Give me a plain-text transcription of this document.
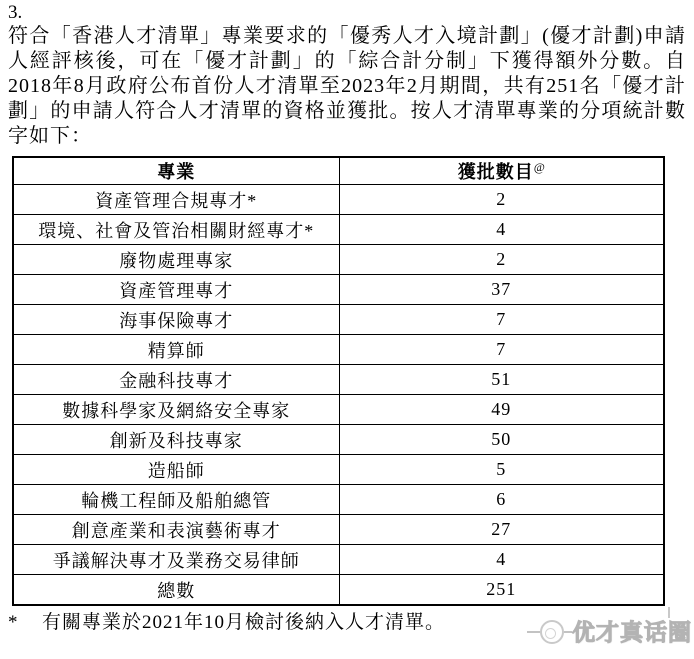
3.

符合「香港人才清單」專業要求的「優秀人才入境計劃」(優才計劃)申請人經評核後，可在「優才計劃」的「綜合計分制」下獲得額外分數。自2018年8月政府公布首份人才清單至2023年2月期間，共有251名「優才計劃」的申請人符合人才清單的資格並獲批。按人才清單專業的分項統計數字如下：

專業	獲批數目@
資產管理合規專才*	2
環境、社會及管治相關財經專才*	4
廢物處理專家	2
資產管理專才	37
海事保險專才	7
精算師	7
金融科技專才	51
數據科學家及網絡安全專家	49
創新及科技專家	50
造船師	5
輪機工程師及船舶總管	6
創意產業和表演藝術專才	27
爭議解決專才及業務交易律師	4
總數	251
*	有關專業於2021年10月檢討後納入人才清單。	优才真话圈
